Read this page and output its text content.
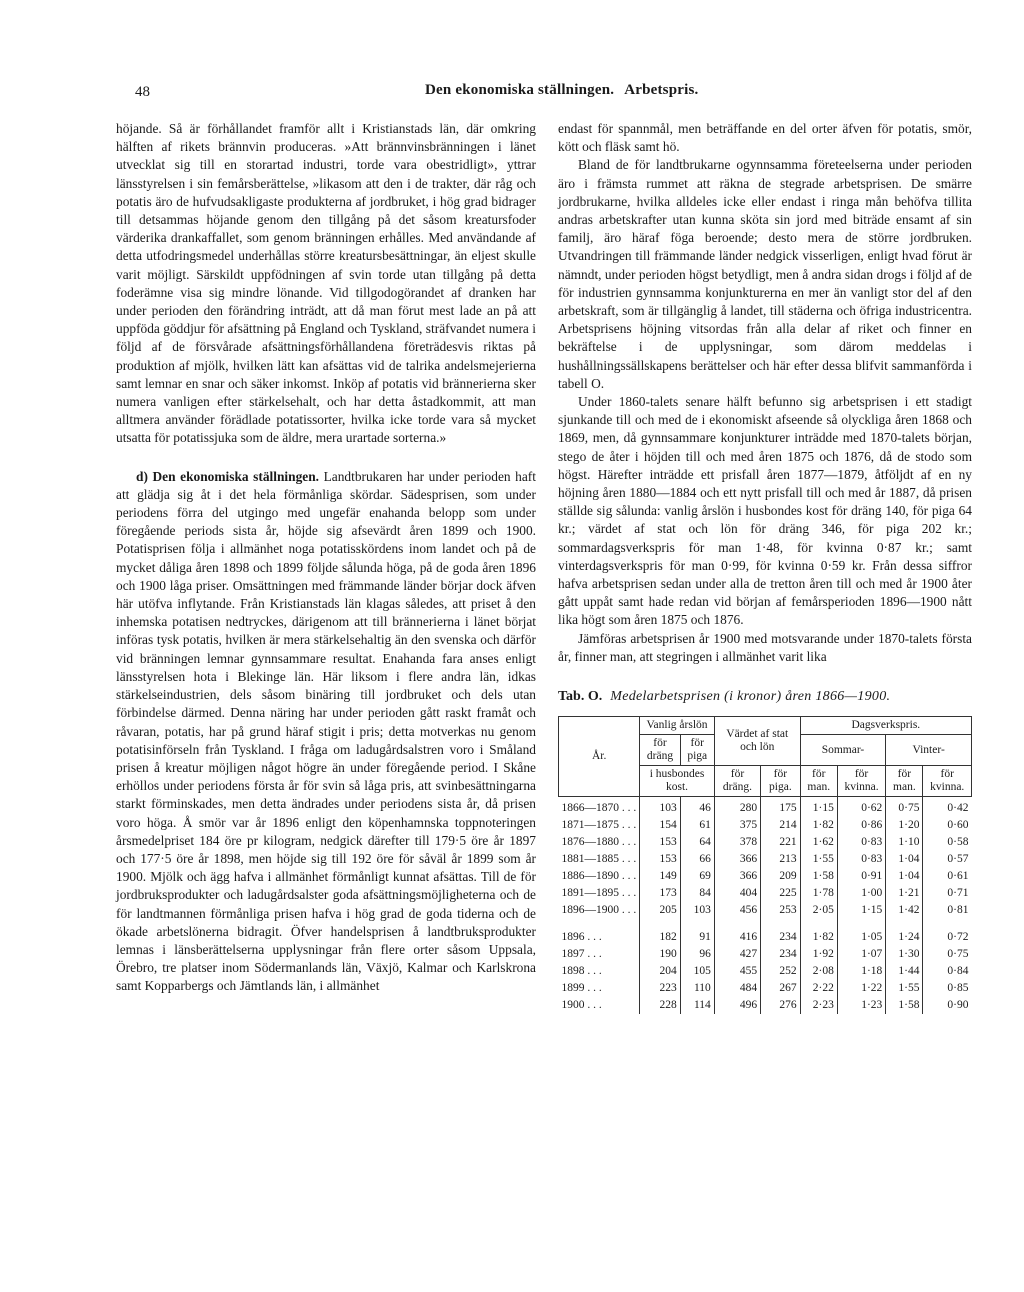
48	Den ekonomiska ställningen. Arbetspris.

höjande. Så är förhållandet framför allt i Kristianstads län, där omkring hälften af rikets brännvin produceras. »Att brännvinsbränningen i länet utvecklat sig till en storartad industri, torde vara obestridligt», yttrar länsstyrelsen i sin femårsberättelse, »likasom att den i de trakter, där råg och potatis äro de hufvudsakligaste produkterna af jordbruket, i hög grad bidrager till detsammas höjande genom den tillgång på det såsom kreatursfoder värderika drankaffallet, som genom bränningen erhålles. Med användande af detta utfodringsmedel underhållas större kreatursbesättningar, än eljest skulle varit möjligt. Särskildt uppfödningen af svin torde utan tillgång på detta foderämne visa sig mindre lönande. Vid tillgodogörandet af dranken har under perioden den förändring inträdt, att då man förut mest lade an på att uppföda göddjur för afsättning på England och Tyskland, sträfvandet numera i följd af de försvårade afsättningsförhållandena företrädesvis riktas på produktion af mjölk, hvilken lätt kan afsättas vid de talrika andelsmejerierna samt lemnar en snar och säker inkomst. Inköp af potatis vid brännerierna sker numera vanligen efter stärkelsehalt, och har detta åstadkommit, att man alltmera använder förädlade potatissorter, hvilka icke torde vara så mycket utsatta för potatissjuka som de äldre, mera urartade sorterna.»

d) Den ekonomiska ställningen. Landtbrukaren har under perioden haft att glädja sig åt i det hela förmånliga skördar. Sädesprisen, som under periodens förra del utgingo med ungefär enahanda belopp som under föregående periods sista år, höjde sig afsevärdt åren 1899 och 1900. Potatisprisen följa i allmänhet noga potatisskördens inom landet och på de mycket dåliga åren 1898 och 1899 följde sålunda höga, på de goda åren 1896 och 1900 låga priser. Omsättningen med främmande länder börjar dock äfven här utöfva inflytande. Från Kristianstads län klagas således, att priset å den inhemska potatisen nedtryckes, därigenom att till brännerierna i länet börjat införas tysk potatis, hvilken är mera stärkelsehaltig än den svenska och därför vid bränningen lemnar gynnsammare resultat. Enahanda fara anses enligt länsstyrelsen hota i Blekinge län. Här liksom i flere andra län, idkas stärkelseindustrien, dels såsom binäring till jordbruket och dels utan förbindelse därmed. Denna näring har under perioden gått raskt framåt och råvaran, potatis, har på grund häraf stigit i pris; detta motverkas nu genom potatisinförseln från Tyskland. I fråga om ladugårdsalstren voro i Småland prisen å kreatur möjligen något högre än under föregående period. I Skåne erhöllos under periodens första år för svin så låga pris, att svinbesättningarna starkt förminskades, men detta ändrades under periodens sista år, då prisen voro höga. Å smör var år 1896 enligt den köpenhamnska toppnoteringen årsmedelpriset 184 öre pr kilogram, nedgick därefter till 179·5 öre år 1897 och 177·5 öre år 1898, men höjde sig till 192 öre för såväl år 1899 som år 1900. Mjölk och ägg hafva i allmänhet förmånligt kunnat afsättas. Till de för jordbruksprodukter och ladugårdsalster goda afsättningsmöjligheterna och de för landtmannen förmånliga prisen hafva i hög grad de goda tiderna och de ökade arbetslönerna bidragit. Öfver handelsprisen å landtbruksprodukter lemnas i länsberättelserna upplysningar från flere orter såsom Uppsala, Örebro, tre platser inom Södermanlands län, Växjö, Kalmar och Karlskrona samt Kopparbergs och Jämtlands län, i allmänhet

endast för spannmål, men beträffande en del orter äfven för potatis, smör, kött och fläsk samt hö.

Bland de för landtbrukarne ogynnsamma företeelserna under perioden äro i främsta rummet att räkna de stegrade arbetsprisen. De smärre jordbrukarne, hvilka alldeles icke eller endast i ringa mån behöfva tillita andras arbetskrafter utan kunna sköta sin jord med biträde ensamt af sin familj, äro häraf föga beroende; desto mera de större jordbruken. Utvandringen till främmande länder nedgick visserligen, enligt hvad förut är nämndt, under perioden högst betydligt, men å andra sidan drogs i följd af de för industrien gynnsamma konjunkturerna en mer än vanligt stor del af den arbetskraft, som är tillgänglig å landet, till städerna och öfriga industricentra. Arbetsprisens höjning vitsordas från alla delar af riket och finner en bekräftelse i de upplysningar, som därom meddelas i hushållningssällskapens berättelser och här efter dessa blifvit sammanförda i tabell O.

Under 1860-talets senare hälft befunno sig arbetsprisen i ett stadigt sjunkande till och med de i ekonomiskt afseende så olyckliga åren 1868 och 1869, men, då gynnsammare konjunkturer inträdde med 1870-talets början, stego de åter i höjden till och med åren 1875 och 1876, då de stodo som högst. Härefter inträdde ett prisfall åren 1877—1879, åtföljdt af en ny höjning åren 1880—1884 och ett nytt prisfall till och med år 1887, då prisen ställde sig sålunda: vanlig årslön i husbondes kost för dräng 140, för piga 64 kr.; värdet af stat och lön för dräng 346, för piga 202 kr.; sommardagsverkspris för man 1·48, för kvinna 0·87 kr.; samt vinterdagsverkspris för man 0·99, för kvinna 0·59 kr. Från dessa siffror hafva arbetsprisen sedan under alla de tretton åren till och med år 1900 åter gått uppåt samt hade redan vid början af femårsperioden 1896—1900 nått lika högt som åren 1875 och 1876.

Jämföras arbetsprisen år 1900 med motsvarande under 1870-talets första år, finner man, att stegringen i allmänhet varit lika

Tab. O. Medelarbetsprisen (i kronor) åren 1866—1900.
År.	Vanlig årslön		Värdet af stat och lön		Dagsverkspris.			
	för dräng	för piga			Sommar-		Vinter-	
	i husbondes kost.		för dräng.	för piga.	för man.	för kvinna.	för man.	för kvinna.
1866—1870 . . .	103	46	280	175	1·15	0·62	0·75	0·42
1871—1875 . . .	154	61	375	214	1·82	0·86	1·20	0·60
1876—1880 . . .	153	64	378	221	1·62	0·83	1·10	0·58
1881—1885 . . .	153	66	366	213	1·55	0·83	1·04	0·57
1886—1890 . . .	149	69	366	209	1·58	0·91	1·04	0·61
1891—1895 . . .	173	84	404	225	1·78	1·00	1·21	0·71
1896—1900 . . .	205	103	456	253	2·05	1·15	1·42	0·81
1896 . . .	182	91	416	234	1·82	1·05	1·24	0·72
1897 . . .	190	96	427	234	1·92	1·07	1·30	0·75
1898 . . .	204	105	455	252	2·08	1·18	1·44	0·84
1899 . . .	223	110	484	267	2·22	1·22	1·55	0·85
1900 . . .	228	114	496	276	2·23	1·23	1·58	0·90
